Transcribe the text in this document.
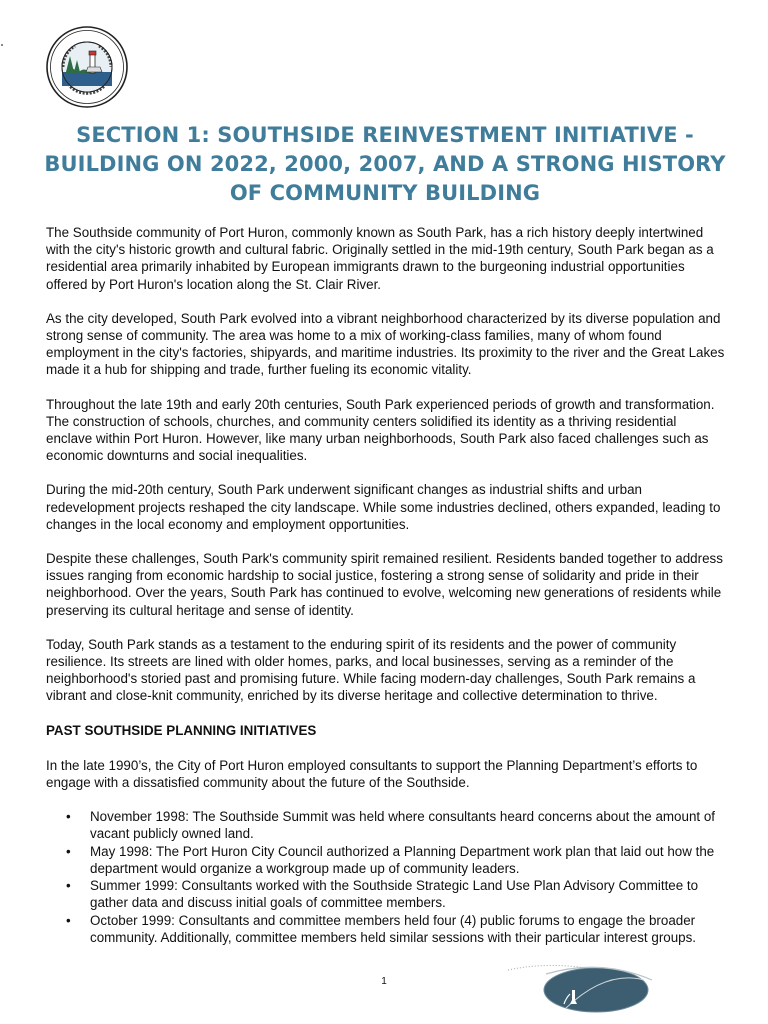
SECTION 1: SOUTHSIDE REINVESTMENT INITIATIVE - BUILDING ON 2022, 2000, 2007, AND A STRONG HISTORY OF COMMUNITY BUILDING

The Southside community of Port Huron, commonly known as South Park, has a rich history deeply intertwined with the city's historic growth and cultural fabric. Originally settled in the mid-19th century, South Park began as a residential area primarily inhabited by European immigrants drawn to the burgeoning industrial opportunities offered by Port Huron's location along the St. Clair River.

As the city developed, South Park evolved into a vibrant neighborhood characterized by its diverse population and strong sense of community. The area was home to a mix of working-class families, many of whom found employment in the city's factories, shipyards, and maritime industries. Its proximity to the river and the Great Lakes made it a hub for shipping and trade, further fueling its economic vitality.

Throughout the late 19th and early 20th centuries, South Park experienced periods of growth and transformation. The construction of schools, churches, and community centers solidified its identity as a thriving residential enclave within Port Huron. However, like many urban neighborhoods, South Park also faced challenges such as economic downturns and social inequalities.

During the mid-20th century, South Park underwent significant changes as industrial shifts and urban redevelopment projects reshaped the city landscape. While some industries declined, others expanded, leading to changes in the local economy and employment opportunities.

Despite these challenges, South Park's community spirit remained resilient. Residents banded together to address issues ranging from economic hardship to social justice, fostering a strong sense of solidarity and pride in their neighborhood. Over the years, South Park has continued to evolve, welcoming new generations of residents while preserving its cultural heritage and sense of identity.

Today, South Park stands as a testament to the enduring spirit of its residents and the power of community resilience. Its streets are lined with older homes, parks, and local businesses, serving as a reminder of the neighborhood's storied past and promising future. While facing modern-day challenges, South Park remains a vibrant and close-knit community, enriched by its diverse heritage and collective determination to thrive.

PAST SOUTHSIDE PLANNING INITIATIVES

In the late 1990’s, the City of Port Huron employed consultants to support the Planning Department’s efforts to engage with a dissatisfied community about the future of the Southside.

• November 1998: The Southside Summit was held where consultants heard concerns about the amount of vacant publicly owned land.
• May 1998: The Port Huron City Council authorized a Planning Department work plan that laid out how the department would organize a workgroup made up of community leaders.
• Summer 1999: Consultants worked with the Southside Strategic Land Use Plan Advisory Committee to gather data and discuss initial goals of committee members.
• October 1999: Consultants and committee members held four (4) public forums to engage the broader community. Additionally, committee members held similar sessions with their particular interest groups.
1
